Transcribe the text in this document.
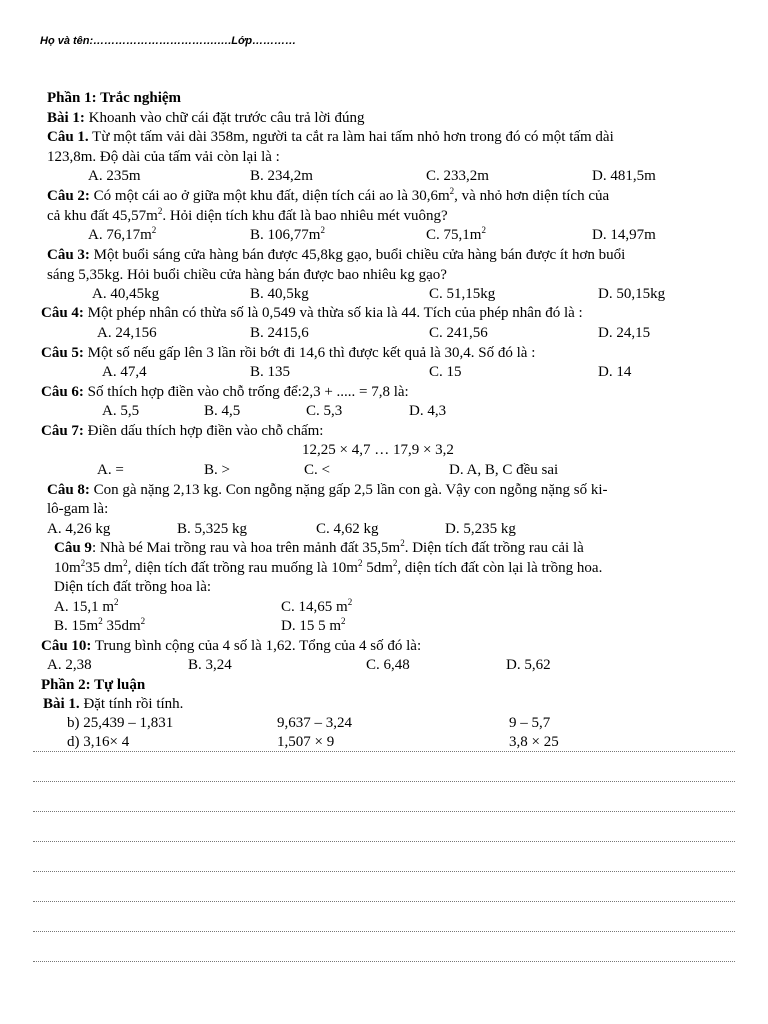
Họ và tên:…………………………….….Lớp…………
Phần 1: Trắc nghiệm
Bài 1: Khoanh vào chữ cái đặt trước câu trả lời đúng
Câu 1. Từ một tấm vải dài 358m, người ta cắt ra làm hai tấm nhỏ hơn trong đó có một tấm dài
123,8m. Độ dài của tấm vải còn lại là :
A. 235m	B. 234,2m	C. 233,2m	D. 481,5m
Câu 2: Có một cái ao ở giữa một khu đất, diện tích cái ao là $30,6m^2$, và nhỏ hơn diện tích của
cả khu đất $45,57m^2$. Hỏi diện tích khu đất là bao nhiêu mét vuông?
A. $76,17m^2$	B. $106,77m^2$	C. $75,1m^2$	D. 14,97m
Câu 3: Một buổi sáng cửa hàng bán được 45,8kg gạo, buổi chiều cửa hàng bán được ít hơn buổi
sáng 5,35kg. Hỏi buổi chiều cửa hàng bán được bao nhiêu kg gạo?
A. 40,45kg	B. 40,5kg	C. 51,15kg	D. 50,15kg
Câu 4: Một phép nhân có thừa số là 0,549 và thừa số kia là 44. Tích của phép nhân đó là :
A. 24,156	B. 2415,6	C. 241,56	D. 24,15
Câu 5: Một số nếu gấp lên 3 lần rồi bớt đi 14,6 thì được kết quả là 30,4. Số đó là :
A. 47,4	B. 135	C. 15	D. 14
Câu 6: Số thích hợp điền vào chỗ trống để:2,3 + ..... = 7,8 là:
A. 5,5	B. 4,5	C. 5,3	D. 4,3
Câu 7: Điền dấu thích hợp điền vào chỗ chấm:
12,25 × 4,7 … 17,9 × 3,2
A. =	B. >	C. <	D. A, B, C đều sai
Câu 8: Con gà nặng 2,13 kg. Con ngỗng nặng gấp 2,5 lần con gà. Vậy con ngỗng nặng số ki-
lô-gam là:
A. 4,26 kg	B. 5,325 kg	C. 4,62 kg	D. 5,235 kg
Câu 9: Nhà bé Mai trồng rau và hoa trên mảnh đất $35,5m^2$. Diện tích đất trồng rau cải là
$10m^235$ $dm^2$, diện tích đất trồng rau muống là $10m^2$ $5dm^2$, diện tích đất còn lại là trồng hoa.
Diện tích đất trồng hoa là:
A. 15,1 $m^2$	C. 14,65 $m^2$
B. $15m^2$ $35dm^2$	D. 15 5 $m^2$
Câu 10: Trung bình cộng của 4 số là 1,62. Tổng của 4 số đó là:
A. 2,38	B. 3,24	C. 6,48	D. 5,62
Phần 2: Tự luận
Bài 1. Đặt tính rồi tính.
b) 25,439 – 1,831	9,637 – 3,24	9 – 5,7
d) 3,16× 4	1,507 × 9	3,8 × 25
